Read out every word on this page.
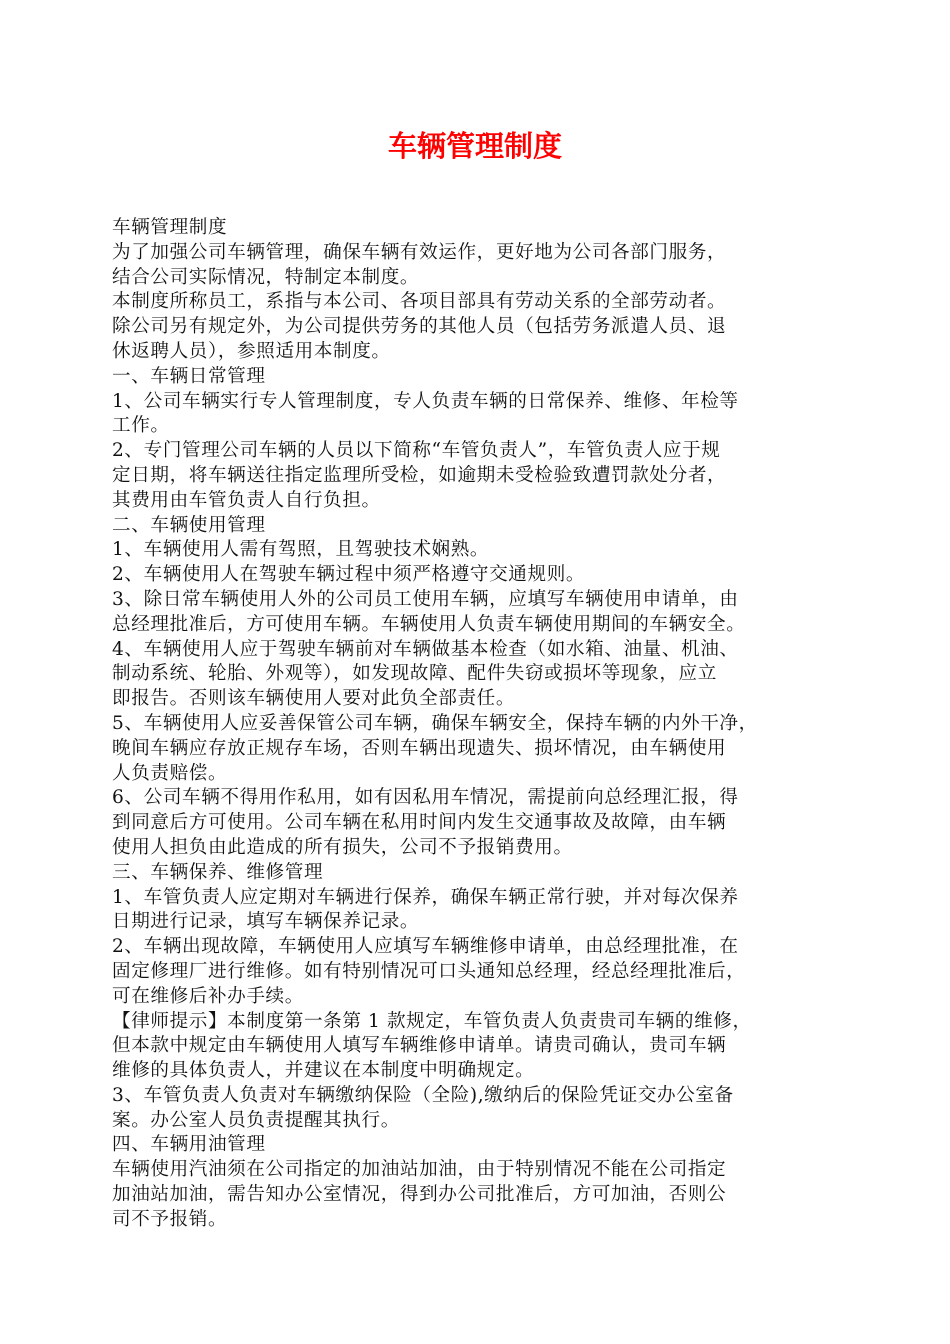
车辆管理制度

车辆管理制度

为了加强公司车辆管理，确保车辆有效运作，更好地为公司各部门服务，

结合公司实际情况，特制定本制度。

本制度所称员工，系指与本公司、各项目部具有劳动关系的全部劳动者。

除公司另有规定外，为公司提供劳务的其他人员（包括劳务派遣人员、退

休返聘人员），参照适用本制度。

一、车辆日常管理

1、公司车辆实行专人管理制度，专人负责车辆的日常保养、维修、年检等

工作。

2、专门管理公司车辆的人员以下简称“车管负责人”，车管负责人应于规

定日期，将车辆送往指定监理所受检，如逾期未受检验致遭罚款处分者，

其费用由车管负责人自行负担。

二、车辆使用管理

1、车辆使用人需有驾照，且驾驶技术娴熟。

2、车辆使用人在驾驶车辆过程中须严格遵守交通规则。

3、除日常车辆使用人外的公司员工使用车辆，应填写车辆使用申请单，由

总经理批准后，方可使用车辆。车辆使用人负责车辆使用期间的车辆安全。

4、车辆使用人应于驾驶车辆前对车辆做基本检查（如水箱、油量、机油、

制动系统、轮胎、外观等），如发现故障、配件失窃或损坏等现象，应立

即报告。否则该车辆使用人要对此负全部责任。

5、车辆使用人应妥善保管公司车辆，确保车辆安全，保持车辆的内外干净，

晚间车辆应存放正规存车场，否则车辆出现遗失、损坏情况，由车辆使用

人负责赔偿。

6、公司车辆不得用作私用，如有因私用车情况，需提前向总经理汇报，得

到同意后方可使用。公司车辆在私用时间内发生交通事故及故障，由车辆

使用人担负由此造成的所有损失，公司不予报销费用。

三、车辆保养、维修管理

1、车管负责人应定期对车辆进行保养，确保车辆正常行驶，并对每次保养

日期进行记录，填写车辆保养记录。

2、车辆出现故障，车辆使用人应填写车辆维修申请单，由总经理批准，在

固定修理厂进行维修。如有特别情况可口头通知总经理，经总经理批准后，

可在维修后补办手续。

【律师提示】本制度第一条第 1 款规定，车管负责人负责贵司车辆的维修，

但本款中规定由车辆使用人填写车辆维修申请单。请贵司确认，贵司车辆

维修的具体负责人，并建议在本制度中明确规定。

3、车管负责人负责对车辆缴纳保险（全险),缴纳后的保险凭证交办公室备

案。办公室人员负责提醒其执行。

四、车辆用油管理

车辆使用汽油须在公司指定的加油站加油，由于特别情况不能在公司指定

加油站加油，需告知办公室情况，得到办公司批准后，方可加油，否则公

司不予报销。
